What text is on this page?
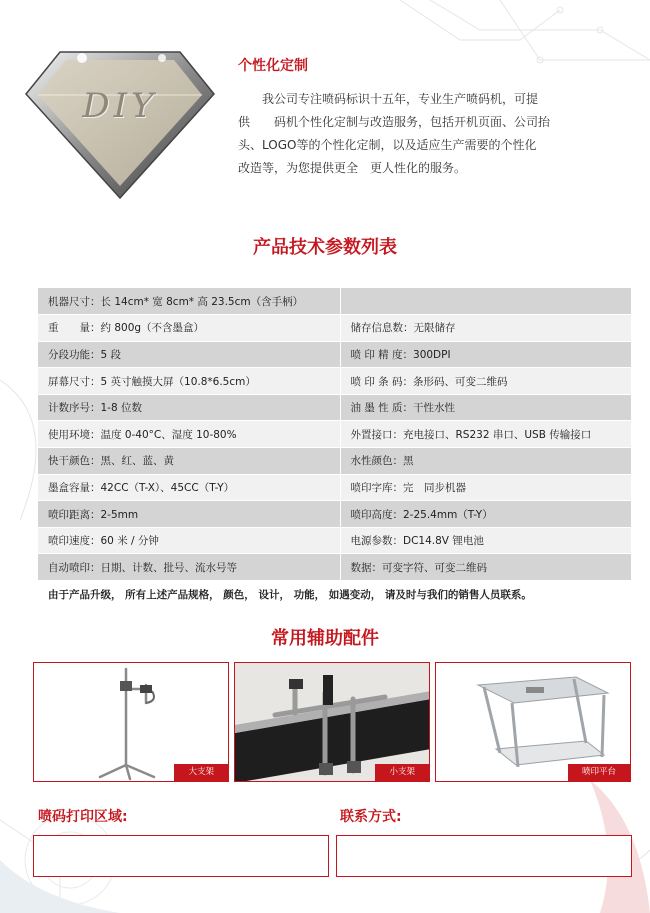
DIY
个性化定制
　　我公司专注喷码标识十五年，专业生产喷码机，可提
供　　码机个性化定制与改造服务，包括开机页面、公司抬
头、LOGO等的个性化定制，以及适应生产需要的个性化
改造等，为您提供更全　更人性化的服务。
产品技术参数列表
机器尺寸：长 14cm* 宽 8cm* 高 23.5cm（含手柄）	
重　　量：约 800g（不含墨盒）	储存信息数：无限储存
分段功能：5 段	喷 印 精 度：300DPI
屏幕尺寸：5 英寸触摸大屏（10.8*6.5cm）	喷 印 条 码：条形码、可变二维码
计数序号：1-8 位数	油 墨 性 质：干性水性
使用环境：温度 0-40°C、湿度 10-80%	外置接口：充电接口、RS232 串口、USB 传输接口
快干颜色：黑、红、蓝、黄	水性颜色：黑
墨盒容量：42CC（T-X）、45CC（T-Y）	喷印字库：完　同步机器
喷印距离：2-5mm	喷印高度：2-25.4mm（T-Y）
喷印速度：60 米 / 分钟	电源参数：DC14.8V 锂电池
自动喷印：日期、计数、批号、流水号等	数据：可变字符、可变二维码
由于产品升级， 所有上述产品规格， 颜色， 设计， 功能， 如遇变动， 请及时与我们的销售人员联系。	
常用辅助配件
大支架	小支架	喷印平台
喷码打印区域:	联系方式:
